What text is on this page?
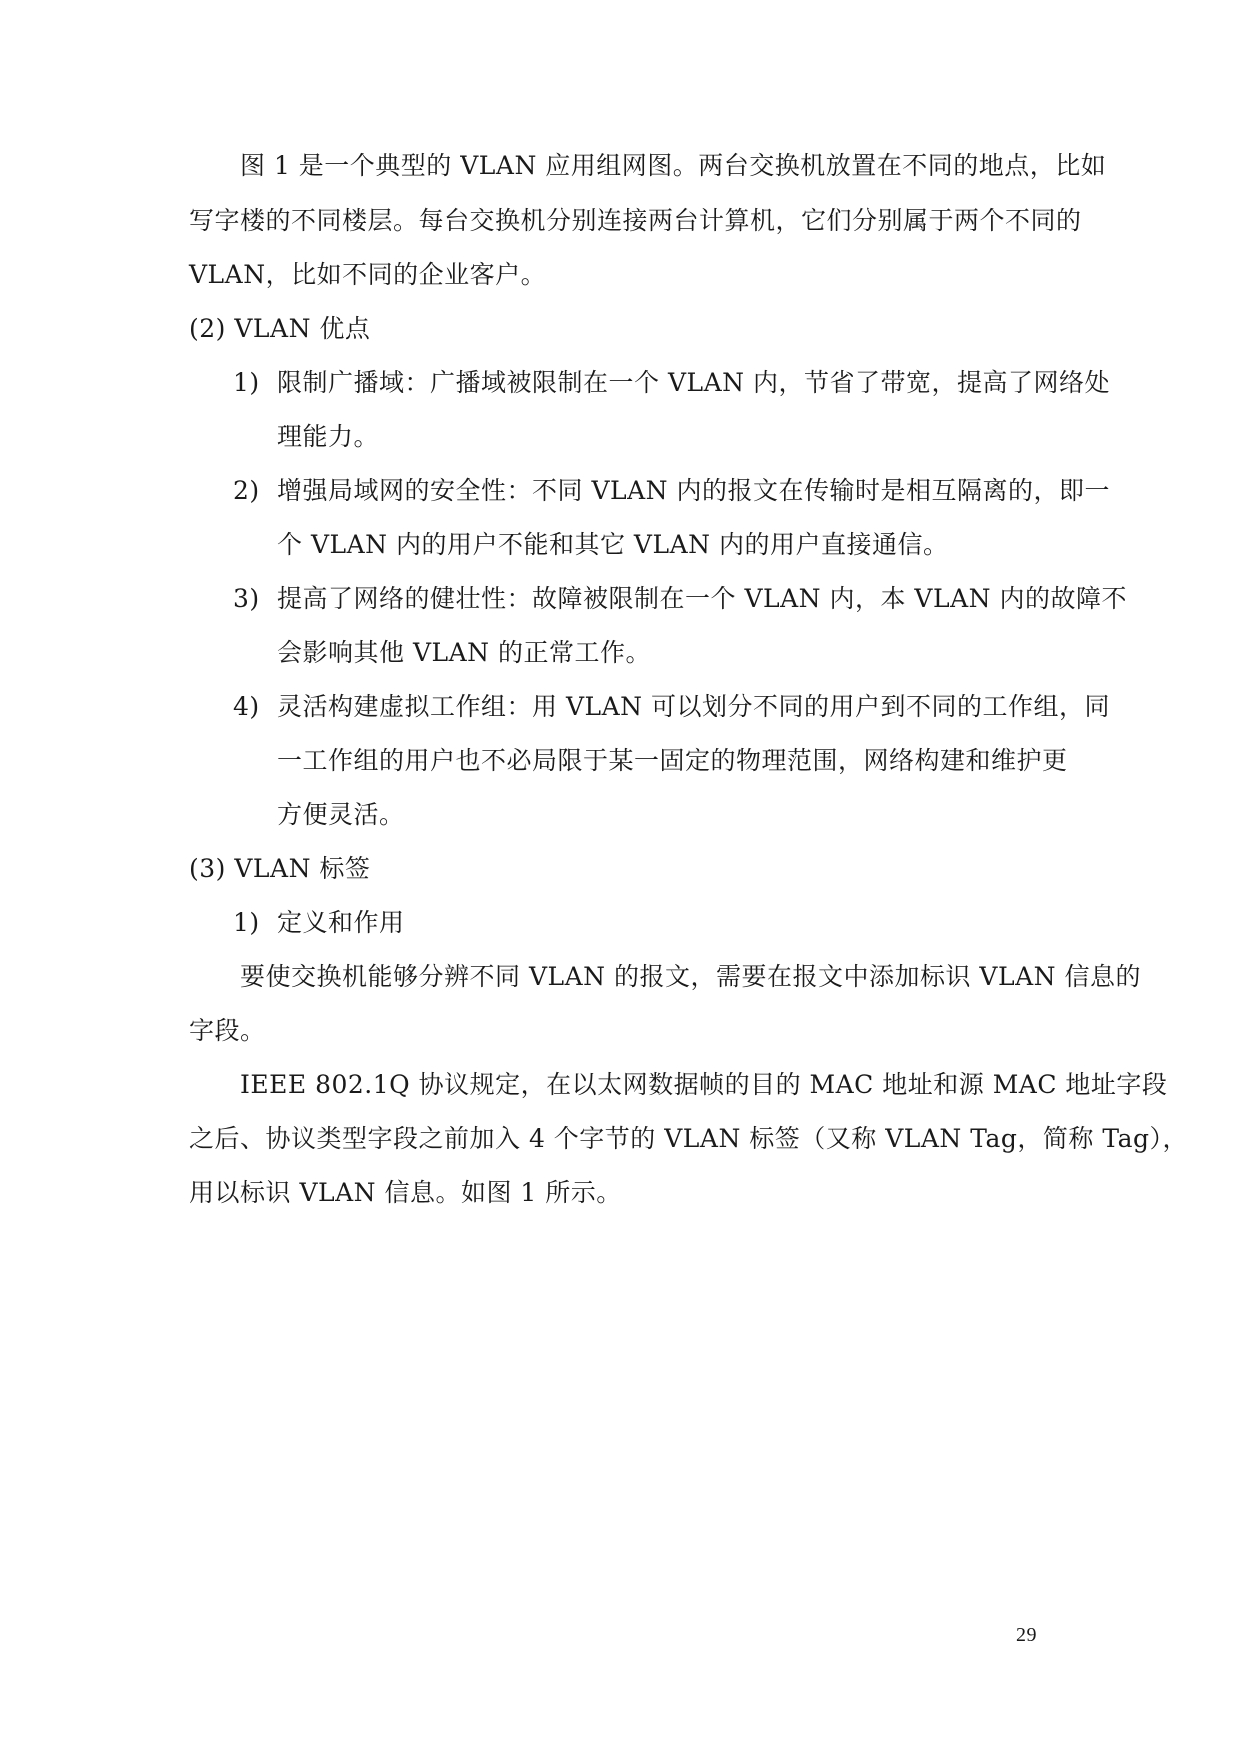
图 1 是一个典型的 VLAN 应用组网图。两台交换机放置在不同的地点，比如
写字楼的不同楼层。每台交换机分别连接两台计算机，它们分别属于两个不同的
VLAN，比如不同的企业客户。
(2) VLAN 优点
1) 限制广播域：广播域被限制在一个 VLAN 内，节省了带宽，提高了网络处
理能力。
2) 增强局域网的安全性：不同 VLAN 内的报文在传输时是相互隔离的，即一
个 VLAN 内的用户不能和其它 VLAN 内的用户直接通信。
3) 提高了网络的健壮性：故障被限制在一个 VLAN 内，本 VLAN 内的故障不
会影响其他 VLAN 的正常工作。
4) 灵活构建虚拟工作组：用 VLAN 可以划分不同的用户到不同的工作组，同
一工作组的用户也不必局限于某一固定的物理范围，网络构建和维护更
方便灵活。
(3) VLAN 标签
1) 定义和作用
要使交换机能够分辨不同 VLAN 的报文，需要在报文中添加标识 VLAN 信息的
字段。
IEEE 802.1Q 协议规定，在以太网数据帧的目的 MAC 地址和源 MAC 地址字段
之后、协议类型字段之前加入 4 个字节的 VLAN 标签（又称 VLAN Tag，简称 Tag），
用以标识 VLAN 信息。如图 1 所示。
29
